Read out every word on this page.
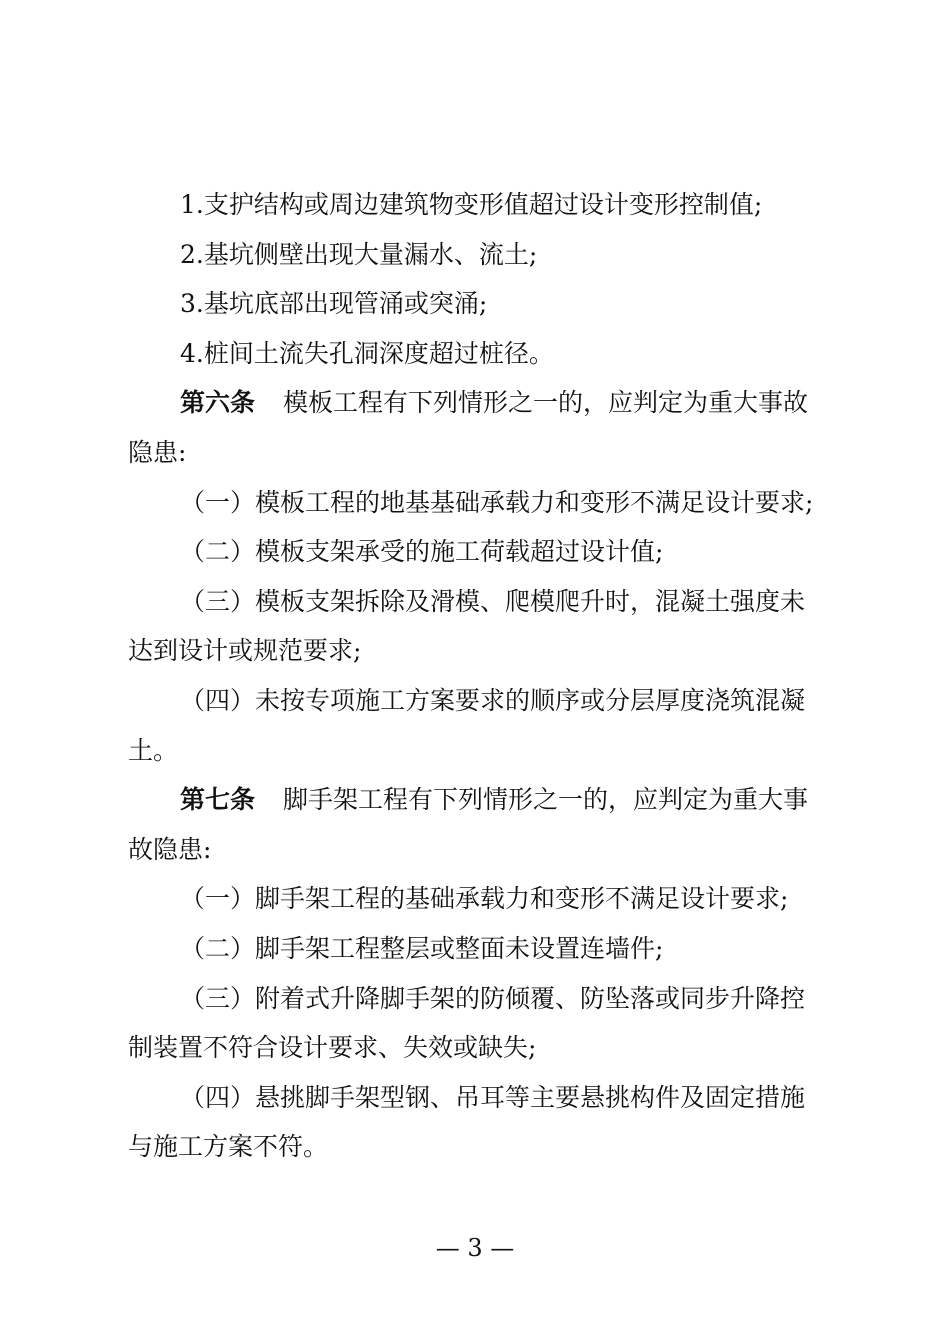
1.支护结构或周边建筑物变形值超过设计变形控制值;
2.基坑侧壁出现大量漏水、流土;
3.基坑底部出现管涌或突涌;
4.桩间土流失孔洞深度超过桩径。
第六条 模板工程有下列情形之一的，应判定为重大事故
隐患:
（一）模板工程的地基基础承载力和变形不满足设计要求;
（二）模板支架承受的施工荷载超过设计值;
（三）模板支架拆除及滑模、爬模爬升时，混凝土强度未
达到设计或规范要求;
（四）未按专项施工方案要求的顺序或分层厚度浇筑混凝
土。
第七条 脚手架工程有下列情形之一的，应判定为重大事
故隐患:
（一）脚手架工程的基础承载力和变形不满足设计要求;
（二）脚手架工程整层或整面未设置连墙件;
（三）附着式升降脚手架的防倾覆、防坠落或同步升降控
制装置不符合设计要求、失效或缺失;
（四）悬挑脚手架型钢、吊耳等主要悬挑构件及固定措施
与施工方案不符。
— 3 —
